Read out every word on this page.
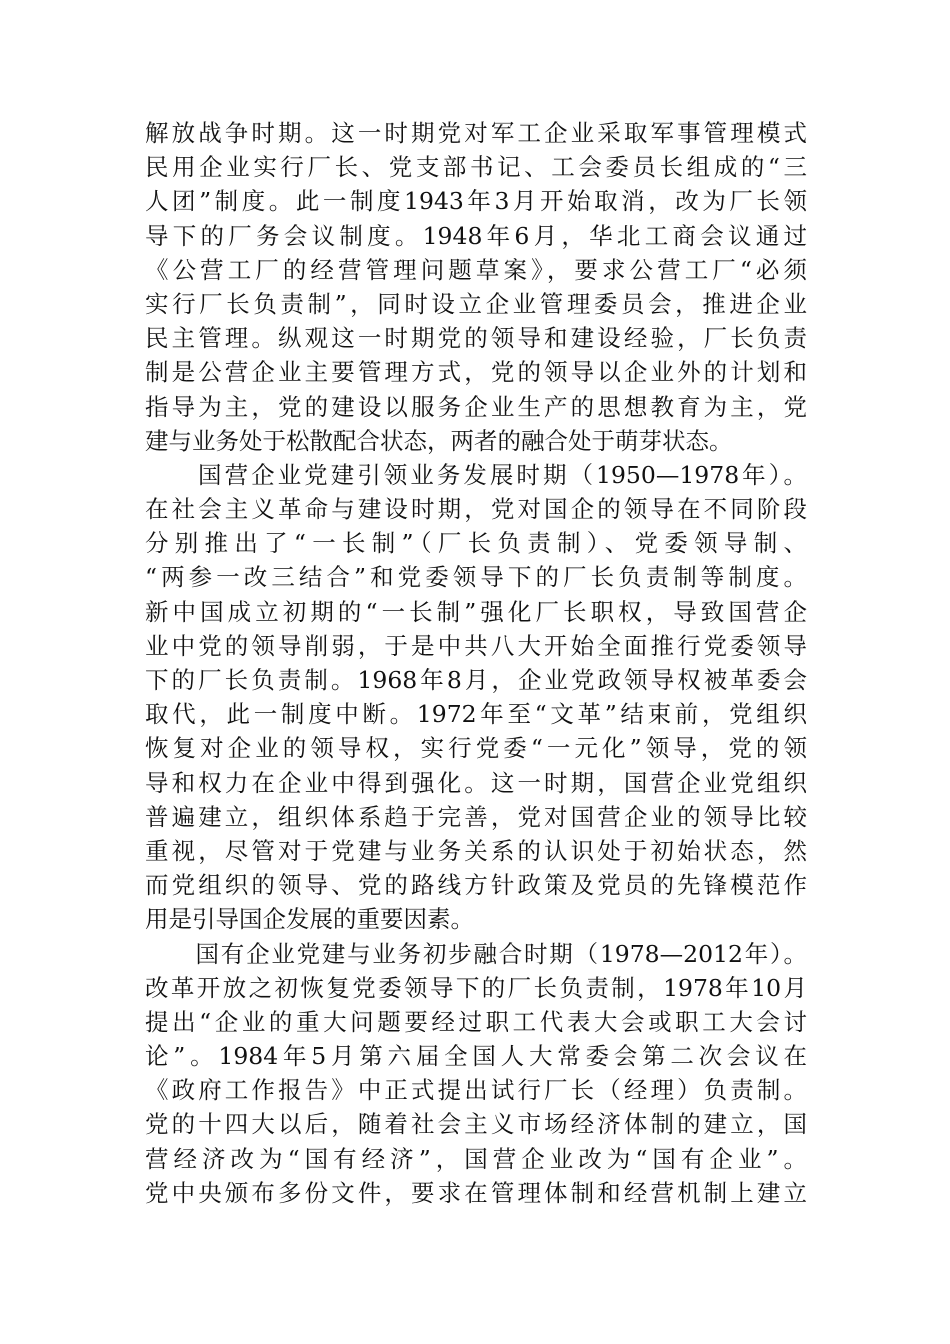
解放战争时期。这一时期党对军工企业采取军事管理模式
民用企业实行厂长、党支部书记、工会委员长组成的“三
人团”制度。此一制度1943年3月开始取消，改为厂长领
导下的厂务会议制度。1948年6月，华北工商会议通过
《公营工厂的经营管理问题草案》，要求公营工厂“必须
实行厂长负责制”，同时设立企业管理委员会，推进企业
民主管理。纵观这一时期党的领导和建设经验，厂长负责
制是公营企业主要管理方式，党的领导以企业外的计划和
指导为主，党的建设以服务企业生产的思想教育为主，党
建与业务处于松散配合状态，两者的融合处于萌芽状态。
　　国营企业党建引领业务发展时期（1950—1978年）。
在社会主义革命与建设时期，党对国企的领导在不同阶段
分别推出了“一长制”（厂长负责制）、党委领导制、
“两参一改三结合”和党委领导下的厂长负责制等制度。
新中国成立初期的“一长制”强化厂长职权，导致国营企
业中党的领导削弱，于是中共八大开始全面推行党委领导
下的厂长负责制。1968年8月，企业党政领导权被革委会
取代，此一制度中断。1972年至“文革”结束前，党组织
恢复对企业的领导权，实行党委“一元化”领导，党的领
导和权力在企业中得到强化。这一时期，国营企业党组织
普遍建立，组织体系趋于完善，党对国营企业的领导比较
重视，尽管对于党建与业务关系的认识处于初始状态，然
而党组织的领导、党的路线方针政策及党员的先锋模范作
用是引导国企发展的重要因素。
　　国有企业党建与业务初步融合时期（1978—2012年）。
改革开放之初恢复党委领导下的厂长负责制，1978年10月
提出“企业的重大问题要经过职工代表大会或职工大会讨
论”。1984年5月第六届全国人大常委会第二次会议在
《政府工作报告》中正式提出试行厂长（经理）负责制。
党的十四大以后，随着社会主义市场经济体制的建立，国
营经济改为“国有经济”，国营企业改为“国有企业”。
党中央颁布多份文件，要求在管理体制和经营机制上建立
